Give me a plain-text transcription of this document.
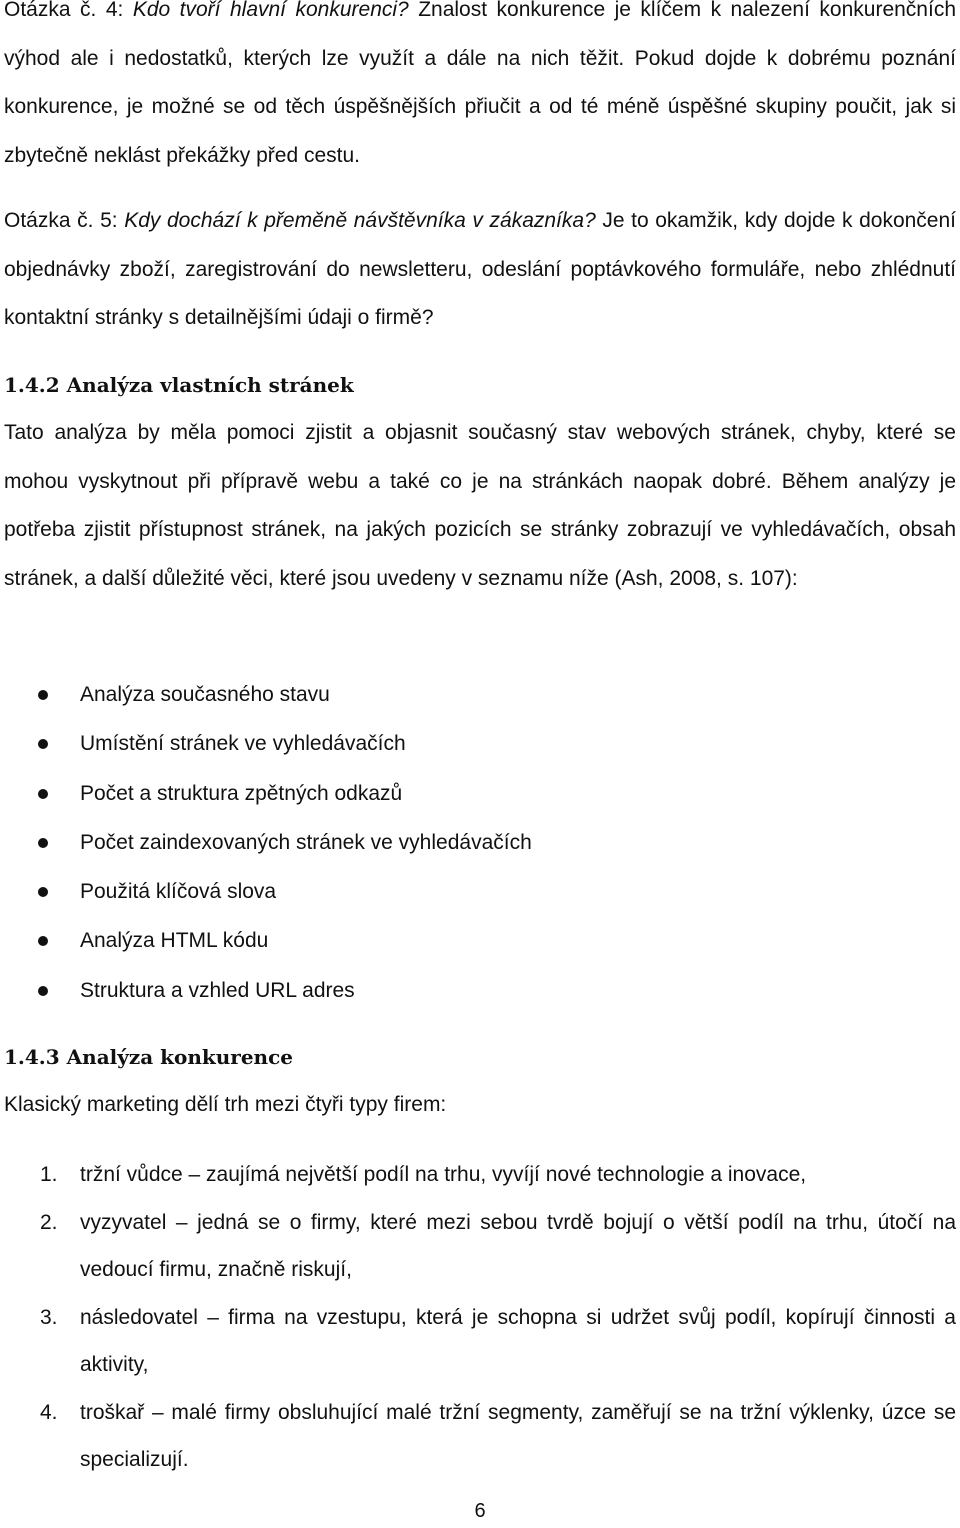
Otázka č. 4: Kdo tvoří hlavní konkurenci? Znalost konkurence je klíčem k nalezení konkurenčních výhod ale i nedostatků, kterých lze využít a dále na nich těžit. Pokud dojde k dobrému poznání konkurence, je možné se od těch úspěšnějších přiučit a od té méně úspěšné skupiny poučit, jak si zbytečně neklást překážky před cestu.

Otázka č. 5: Kdy dochází k přeměně návštěvníka v zákazníka? Je to okamžik, kdy dojde k dokončení objednávky zboží, zaregistrování do newsletteru, odeslání poptávkového formuláře, nebo zhlédnutí kontaktní stránky s detailnějšími údaji o firmě?

1.4.2 Analýza vlastních stránek

Tato analýza by měla pomoci zjistit a objasnit současný stav webových stránek, chyby, které se mohou vyskytnout při přípravě webu a také co je na stránkách naopak dobré. Během analýzy je potřeba zjistit přístupnost stránek, na jakých pozicích se stránky zobrazují ve vyhledávačích, obsah stránek, a další důležité věci, které jsou uvedeny v seznamu níže (Ash, 2008, s. 107):

Analýza současného stavu
Umístění stránek ve vyhledávačích
Počet a struktura zpětných odkazů
Počet zaindexovaných stránek ve vyhledávačích
Použitá klíčová slova
Analýza HTML kódu
Struktura a vzhled URL adres
1.4.3 Analýza konkurence

Klasický marketing dělí trh mezi čtyři typy firem:

1. tržní vůdce – zaujímá největší podíl na trhu, vyvíjí nové technologie a inovace,
2. vyzyvatel – jedná se o firmy, které mezi sebou tvrdě bojují o větší podíl na trhu, útočí na vedoucí firmu, značně riskují,
3. následovatel – firma na vzestupu, která je schopna si udržet svůj podíl, kopírují činnosti a aktivity,
4. troškař – malé firmy obsluhující malé tržní segmenty, zaměřují se na tržní výklenky, úzce se specializují.
6
